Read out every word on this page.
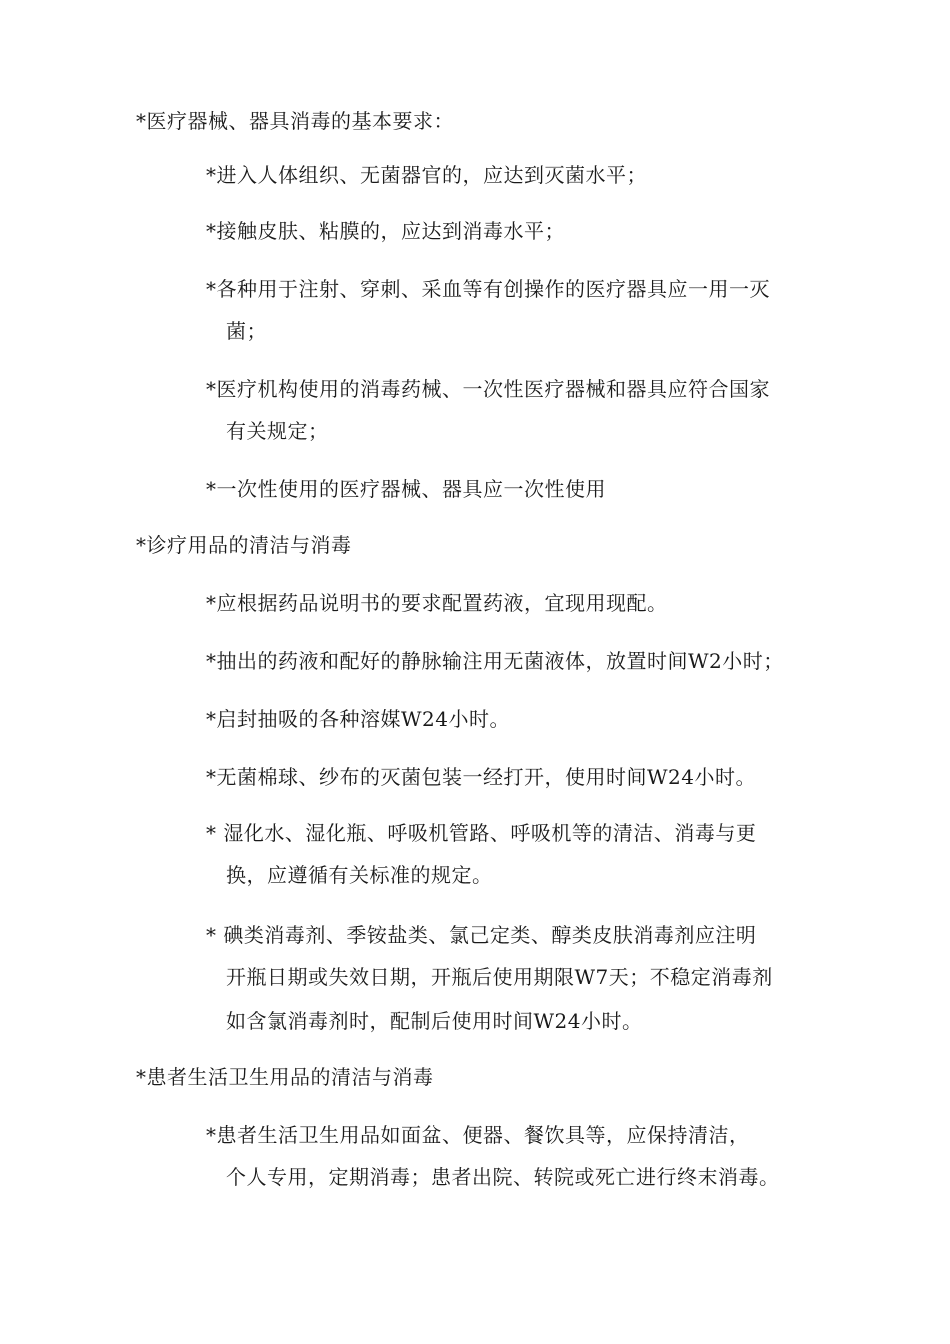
*医疗器械、器具消毒的基本要求：
*进入人体组织、无菌器官的，应达到灭菌水平；
*接触皮肤、粘膜的，应达到消毒水平；
*各种用于注射、穿刺、采血等有创操作的医疗器具应一用一灭
菌；
*医疗机构使用的消毒药械、一次性医疗器械和器具应符合国家
有关规定；
*一次性使用的医疗器械、器具应一次性使用
*诊疗用品的清洁与消毒
*应根据药品说明书的要求配置药液，宜现用现配。
*抽出的药液和配好的静脉输注用无菌液体，放置时间W2小时；
*启封抽吸的各种溶媒W24小时。
*无菌棉球、纱布的灭菌包装一经打开，使用时间W24小时。
* 湿化水、湿化瓶、呼吸机管路、呼吸机等的清洁、消毒与更
换，应遵循有关标准的规定。
* 碘类消毒剂、季铵盐类、氯己定类、醇类皮肤消毒剂应注明
开瓶日期或失效日期，开瓶后使用期限W7天；不稳定消毒剂
如含氯消毒剂时，配制后使用时间W24小时。
*患者生活卫生用品的清洁与消毒
*患者生活卫生用品如面盆、便器、餐饮具等，应保持清洁，
个人专用，定期消毒；患者出院、转院或死亡进行终末消毒。
